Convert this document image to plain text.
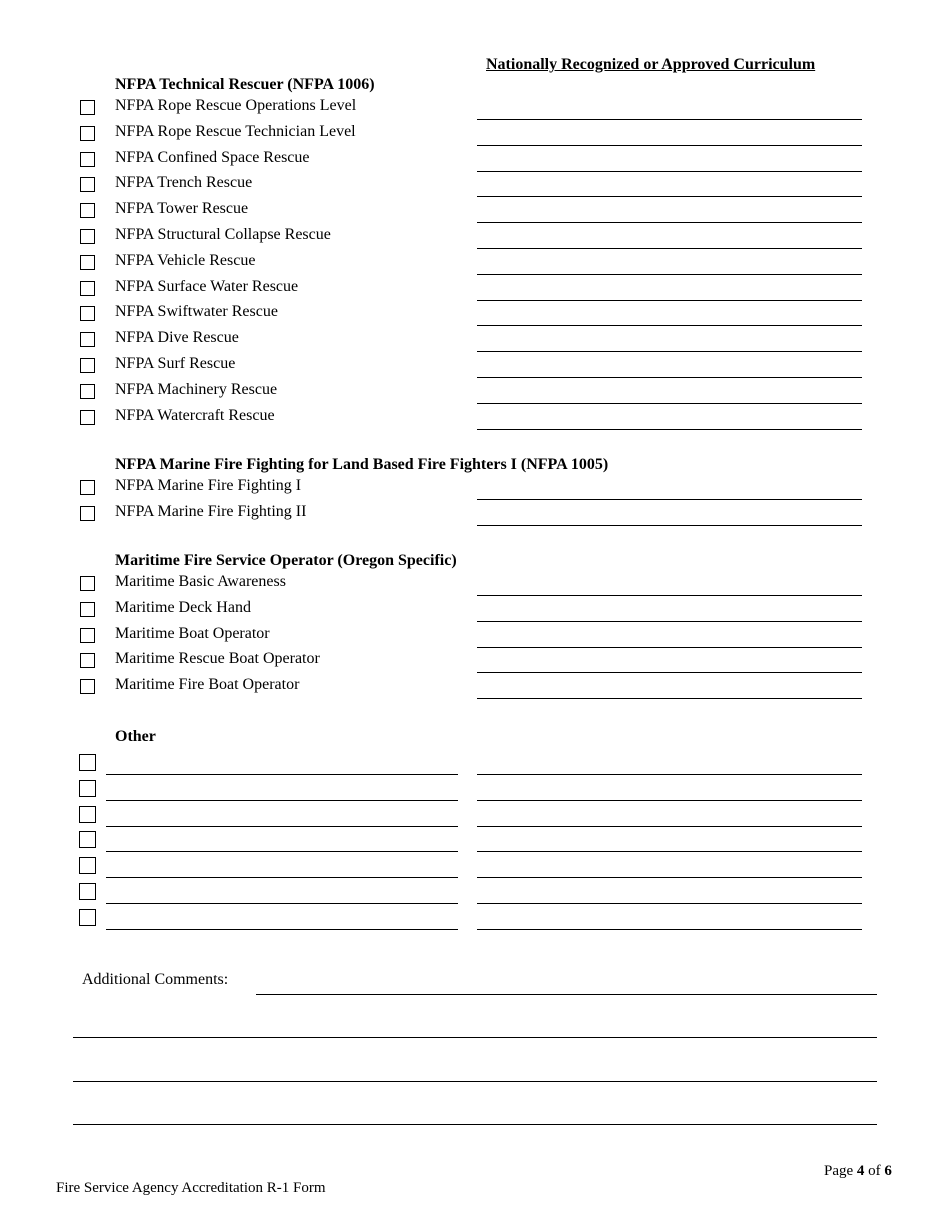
Nationally Recognized or Approved Curriculum
NFPA Technical Rescuer (NFPA 1006)
NFPA Rope Rescue Operations Level
NFPA Rope Rescue Technician Level
NFPA Confined Space Rescue
NFPA Trench Rescue
NFPA Tower Rescue
NFPA Structural Collapse Rescue
NFPA Vehicle Rescue
NFPA Surface Water Rescue
NFPA Swiftwater Rescue
NFPA Dive Rescue
NFPA Surf Rescue
NFPA Machinery Rescue
NFPA Watercraft Rescue
NFPA Marine Fire Fighting for Land Based Fire Fighters I (NFPA 1005)
NFPA Marine Fire Fighting I
NFPA Marine Fire Fighting II
Maritime Fire Service Operator (Oregon Specific)
Maritime Basic Awareness
Maritime Deck Hand
Maritime Boat Operator
Maritime Rescue Boat Operator
Maritime Fire Boat Operator
Other
Additional Comments:
Page 4 of 6
Fire Service Agency Accreditation R-1 Form
